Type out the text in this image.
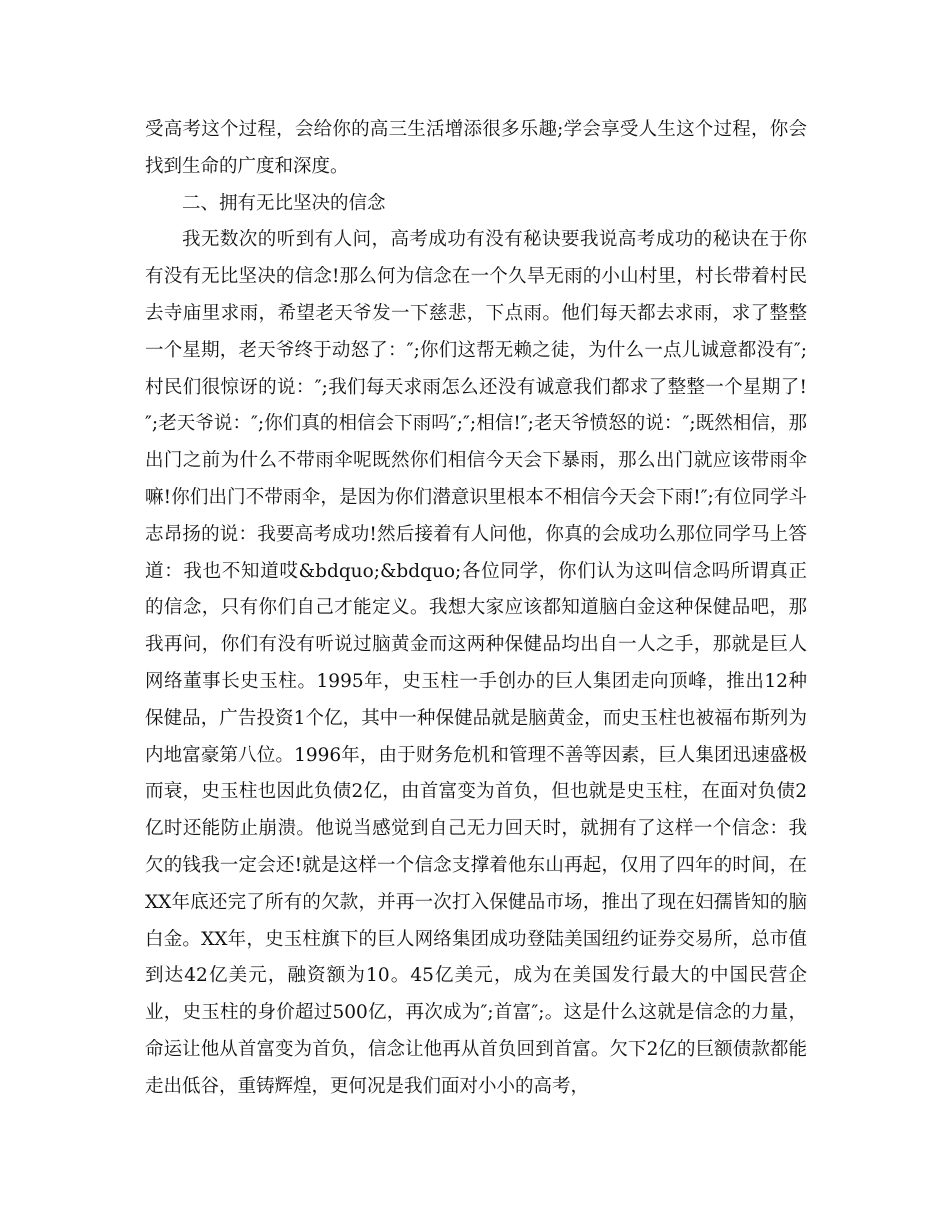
受高考这个过程，会给你的高三生活增添很多乐趣;学会享受人生这个过程，你会找到生命的广度和深度。

二、拥有无比坚决的信念

我无数次的听到有人问，高考成功有没有秘诀要我说高考成功的秘诀在于你有没有无比坚决的信念!那么何为信念在一个久旱无雨的小山村里，村长带着村民去寺庙里求雨，希望老天爷发一下慈悲，下点雨。他们每天都去求雨，求了整整一个星期，老天爷终于动怒了：″;你们这帮无赖之徒，为什么一点儿诚意都没有″;村民们很惊讶的说：″;我们每天求雨怎么还没有诚意我们都求了整整一个星期了!″;老天爷说：″;你们真的相信会下雨吗″;″;相信!″;老天爷愤怒的说：″;既然相信，那出门之前为什么不带雨伞呢既然你们相信今天会下暴雨，那么出门就应该带雨伞嘛!你们出门不带雨伞，是因为你们潜意识里根本不相信今天会下雨!″;有位同学斗志昂扬的说：我要高考成功!然后接着有人问他，你真的会成功么那位同学马上答道：我也不知道哎&bdquo;&bdquo;各位同学，你们认为这叫信念吗所谓真正的信念，只有你们自己才能定义。我想大家应该都知道脑白金这种保健品吧，那我再问，你们有没有听说过脑黄金而这两种保健品均出自一人之手，那就是巨人网络董事长史玉柱。1995年，史玉柱一手创办的巨人集团走向顶峰，推出12种保健品，广告投资1个亿，其中一种保健品就是脑黄金，而史玉柱也被福布斯列为内地富豪第八位。1996年，由于财务危机和管理不善等因素，巨人集团迅速盛极而衰，史玉柱也因此负债2亿，由首富变为首负，但也就是史玉柱，在面对负债2亿时还能防止崩溃。他说当感觉到自己无力回天时，就拥有了这样一个信念：我欠的钱我一定会还!就是这样一个信念支撑着他东山再起，仅用了四年的时间，在XX年底还完了所有的欠款，并再一次打入保健品市场，推出了现在妇孺皆知的脑白金。XX年，史玉柱旗下的巨人网络集团成功登陆美国纽约证券交易所，总市值到达42亿美元，融资额为10。45亿美元，成为在美国发行最大的中国民营企业，史玉柱的身价超过500亿，再次成为″;首富″;。这是什么这就是信念的力量，命运让他从首富变为首负，信念让他再从首负回到首富。欠下2亿的巨额债款都能走出低谷，重铸辉煌，更何况是我们面对小小的高考，
